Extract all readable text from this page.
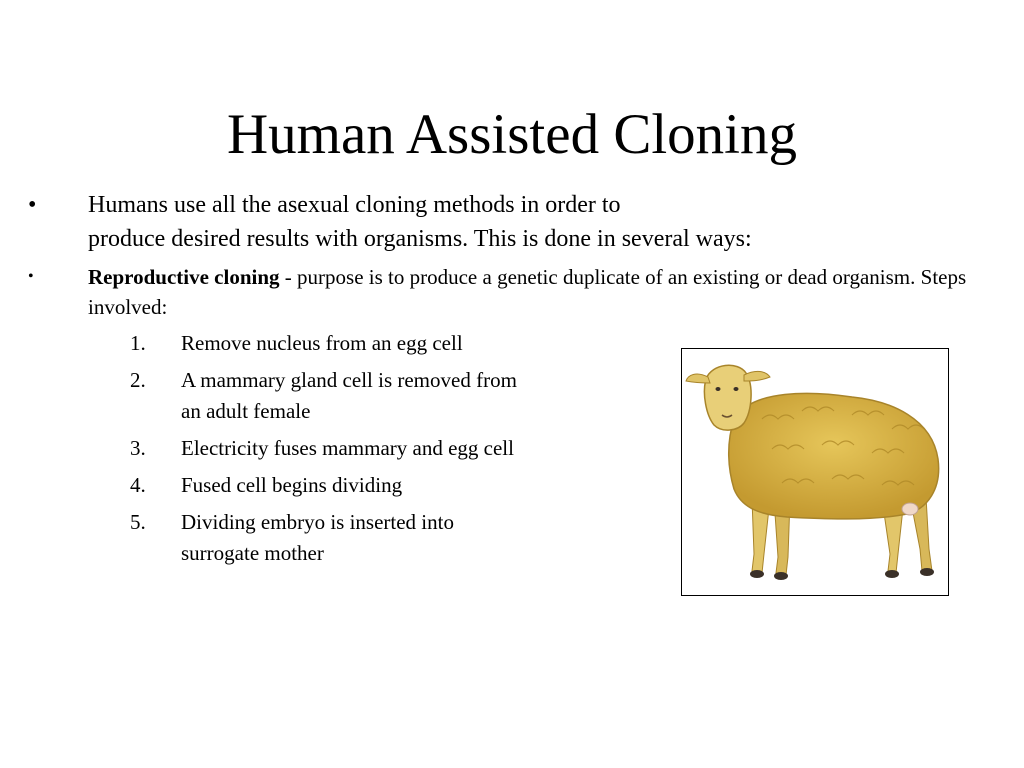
Human Assisted Cloning
• Humans use all the asexual cloning methods in order to
produce desired results with organisms. This is done in several ways:
•	Reproductive cloning - purpose is to produce a genetic duplicate of an existing or dead organism. Steps involved:
1. Remove nucleus from an egg cell
2. A mammary gland cell is removed from an adult female
3. Electricity fuses mammary and egg cell
4. Fused cell begins dividing
5. Dividing embryo is inserted into surrogate mother
